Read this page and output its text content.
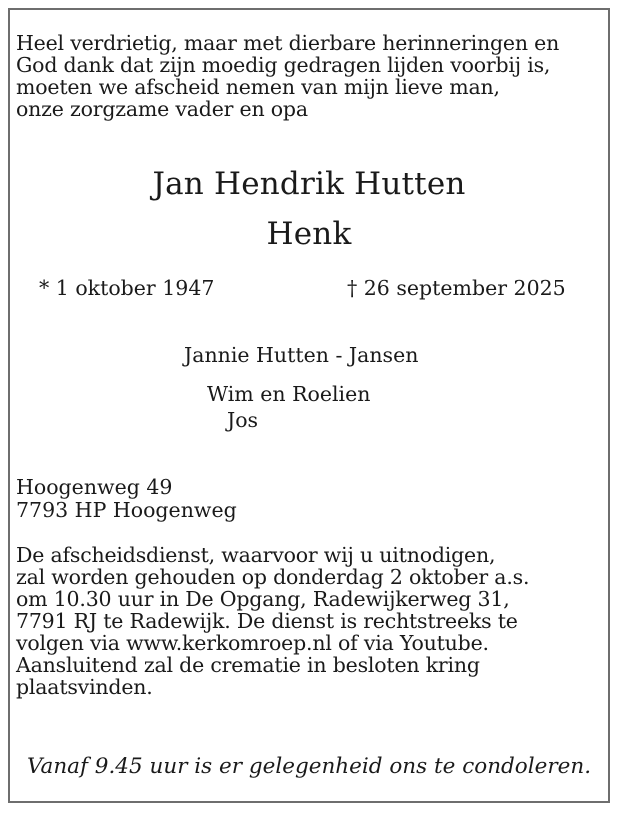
Heel verdrietig, maar met dierbare herinneringen en
God dank dat zijn moedig gedragen lijden voorbij is,
moeten we afscheid nemen van mijn lieve man,
onze zorgzame vader en opa
Jan Hendrik Hutten
Henk
* 1 oktober 1947	† 26 september 2025
Jannie Hutten - Jansen
Wim en Roelien
Jos
Hoogenweg 49
7793 HP Hoogenweg
De afscheidsdienst, waarvoor wij u uitnodigen,
zal worden gehouden op donderdag 2 oktober a.s.
om 10.30 uur in De Opgang, Radewijkerweg 31,
7791 RJ te Radewijk. De dienst is rechtstreeks te
volgen via www.kerkomroep.nl of via Youtube.
Aansluitend zal de crematie in besloten kring
plaatsvinden.
Vanaf 9.45 uur is er gelegenheid ons te condoleren.
